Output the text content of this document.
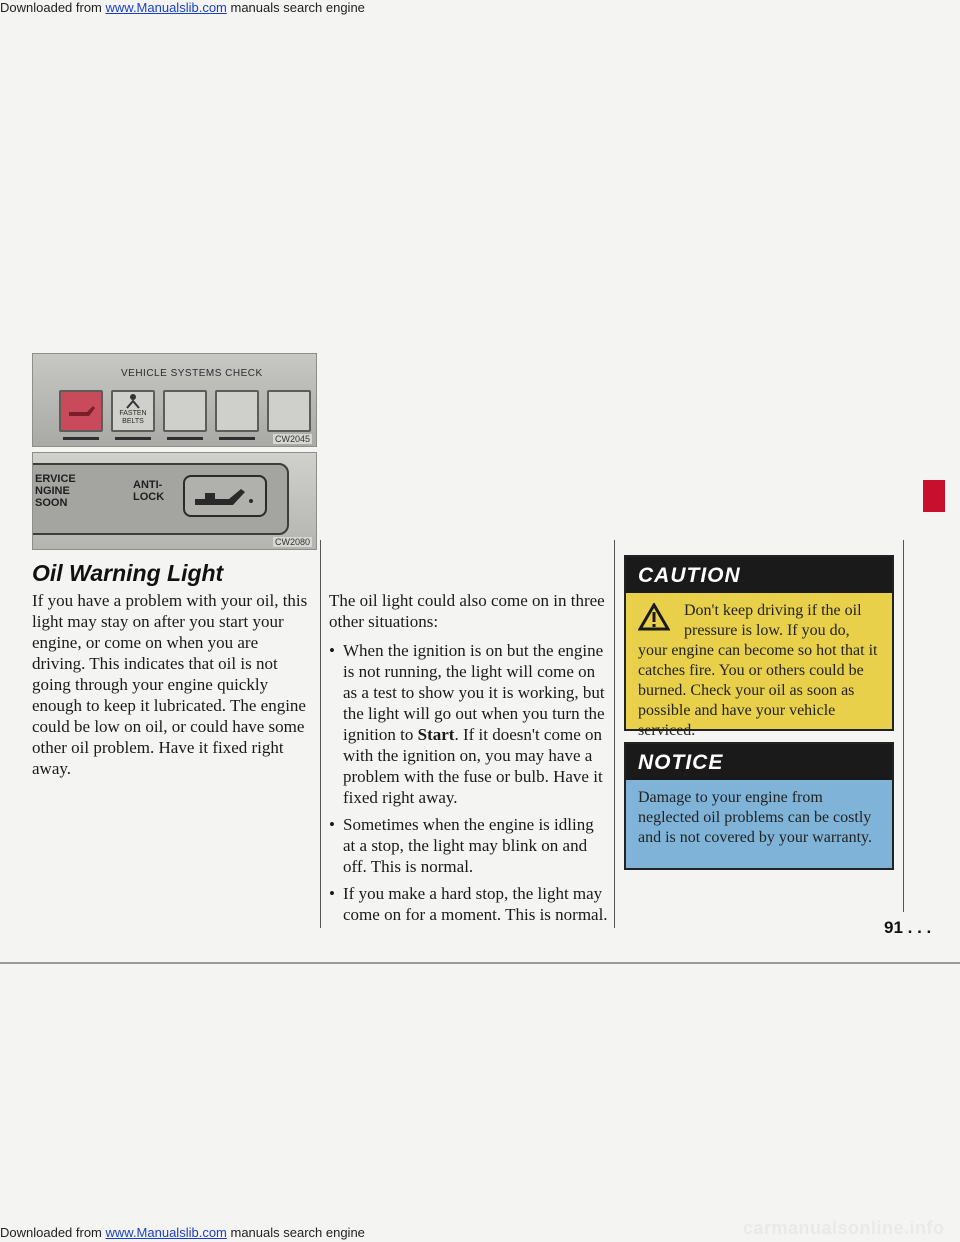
Downloaded from www.Manualslib.com manuals search engine
VEHICLE SYSTEMS CHECK
FASTEN
BELTS
CW2045
ERVICE
NGINE
SOON
ANTI-
LOCK
CW2080
Oil Warning Light
If you have a problem with your oil, this light may stay on after you start your engine, or come on when you are driving. This indicates that oil is not going through your engine quickly enough to keep it lubricated. The engine could be low on oil, or could have some other oil problem. Have it fixed right away.
The oil light could also come on in three other situations:
• When the ignition is on but the engine is not running, the light will come on as a test to show you it is working, but the light will go out when you turn the ignition to Start. If it doesn't come on with the ignition on, you may have a problem with the fuse or bulb. Have it fixed right away.
• Sometimes when the engine is idling at a stop, the light may blink on and off. This is normal.
• If you make a hard stop, the light may come on for a moment. This is normal.
CAUTION
Don't keep driving if the oil pressure is low. If you do,
your engine can become so hot that it catches fire. You or others could be burned. Check your oil as soon as possible and have your vehicle serviced.
NOTICE
Damage to your engine from neglected oil problems can be costly and is not covered by your warranty.
91 . . .
Downloaded from www.Manualslib.com manuals search engine	carmanualsonline.info
